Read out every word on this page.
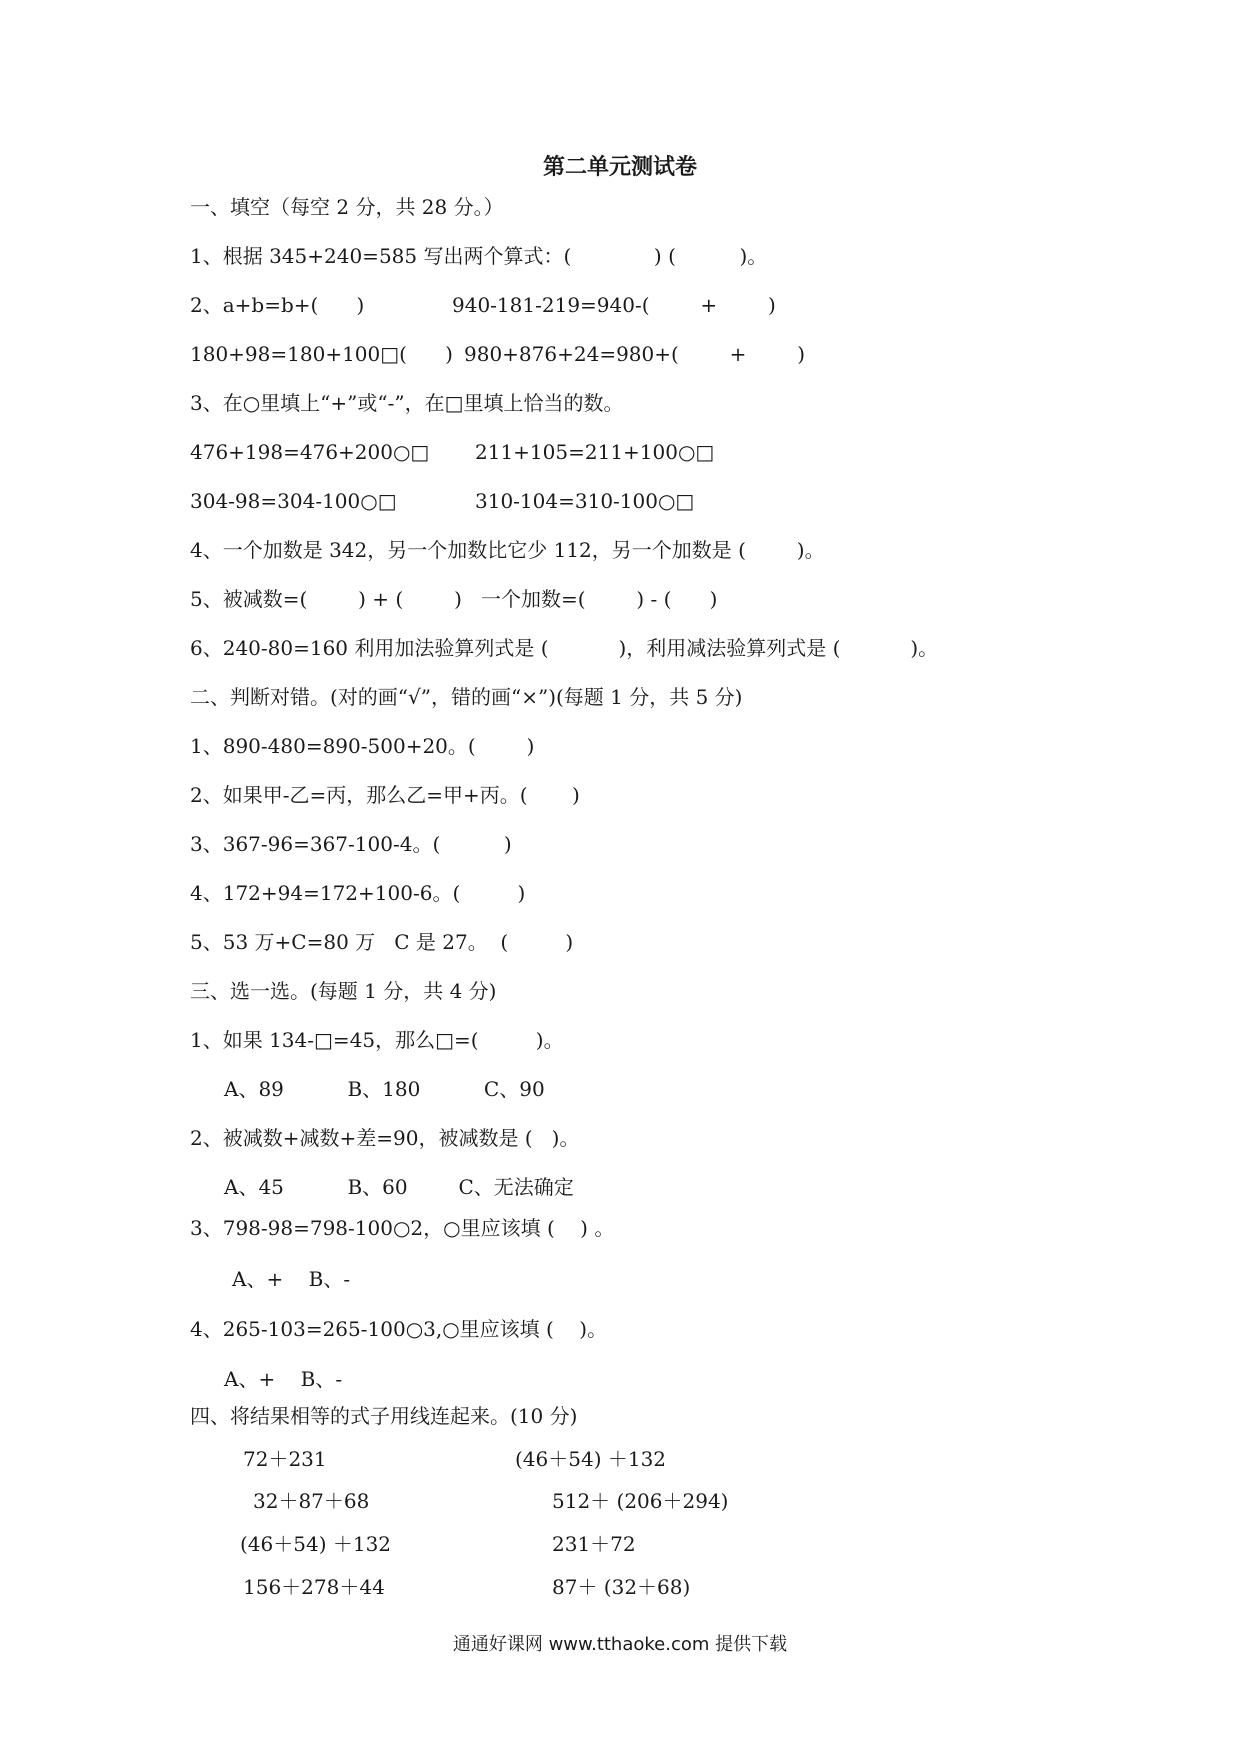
第二单元测试卷

一、填空（每空 2 分，共 28 分。）

1、根据 345+240=585 写出两个算式：(             ) (          )。

2、a+b=b+(      )	940-181-219=940-(        +        )

180+98=180+100□(      ) 980+876+24=980+(        +        )

3、在○里填上“+”或“-”，在□里填上恰当的数。

476+198=476+200○□ 211+105=211+100○□

304-98=304-100○□	310-104=310-100○□

4、一个加数是 342，另一个加数比它少 112，另一个加数是 (        )。

5、被减数=(        ) + (        )   一个加数=(        ) - (      )

6、240-80=160 利用加法验算列式是 (           )，利用减法验算列式是 (           )。

二、判断对错。(对的画“√”，错的画“×”)(每题 1 分，共 5 分)

1、890-480=890-500+20。(        )

2、如果甲-乙=丙，那么乙=甲+丙。(       )

3、367-96=367-100-4。(          )

4、172+94=172+100-6。(         )

5、53 万+C=80 万   C 是 27。  (         )

三、选一选。(每题 1 分，共 4 分)

1、如果 134-□=45，那么□=(         )。

A、89          B、180          C、90

2、被减数+减数+差=90，被减数是 (   )。

A、45          B、60        C、无法确定

3、798-98=798-100○2，○里应该填 (    ) 。

A、+    B、-

4、265-103=265-100○3,○里应该填 (    )。

A、+    B、-

四、将结果相等的式子用线连起来。(10 分)

72＋231

32＋87＋68

(46＋54) ＋132

156＋278＋44

(46＋54) ＋132

512＋ (206＋294)

231＋72

87＋ (32＋68)

通通好课网 www.tthaoke.com 提供下载
